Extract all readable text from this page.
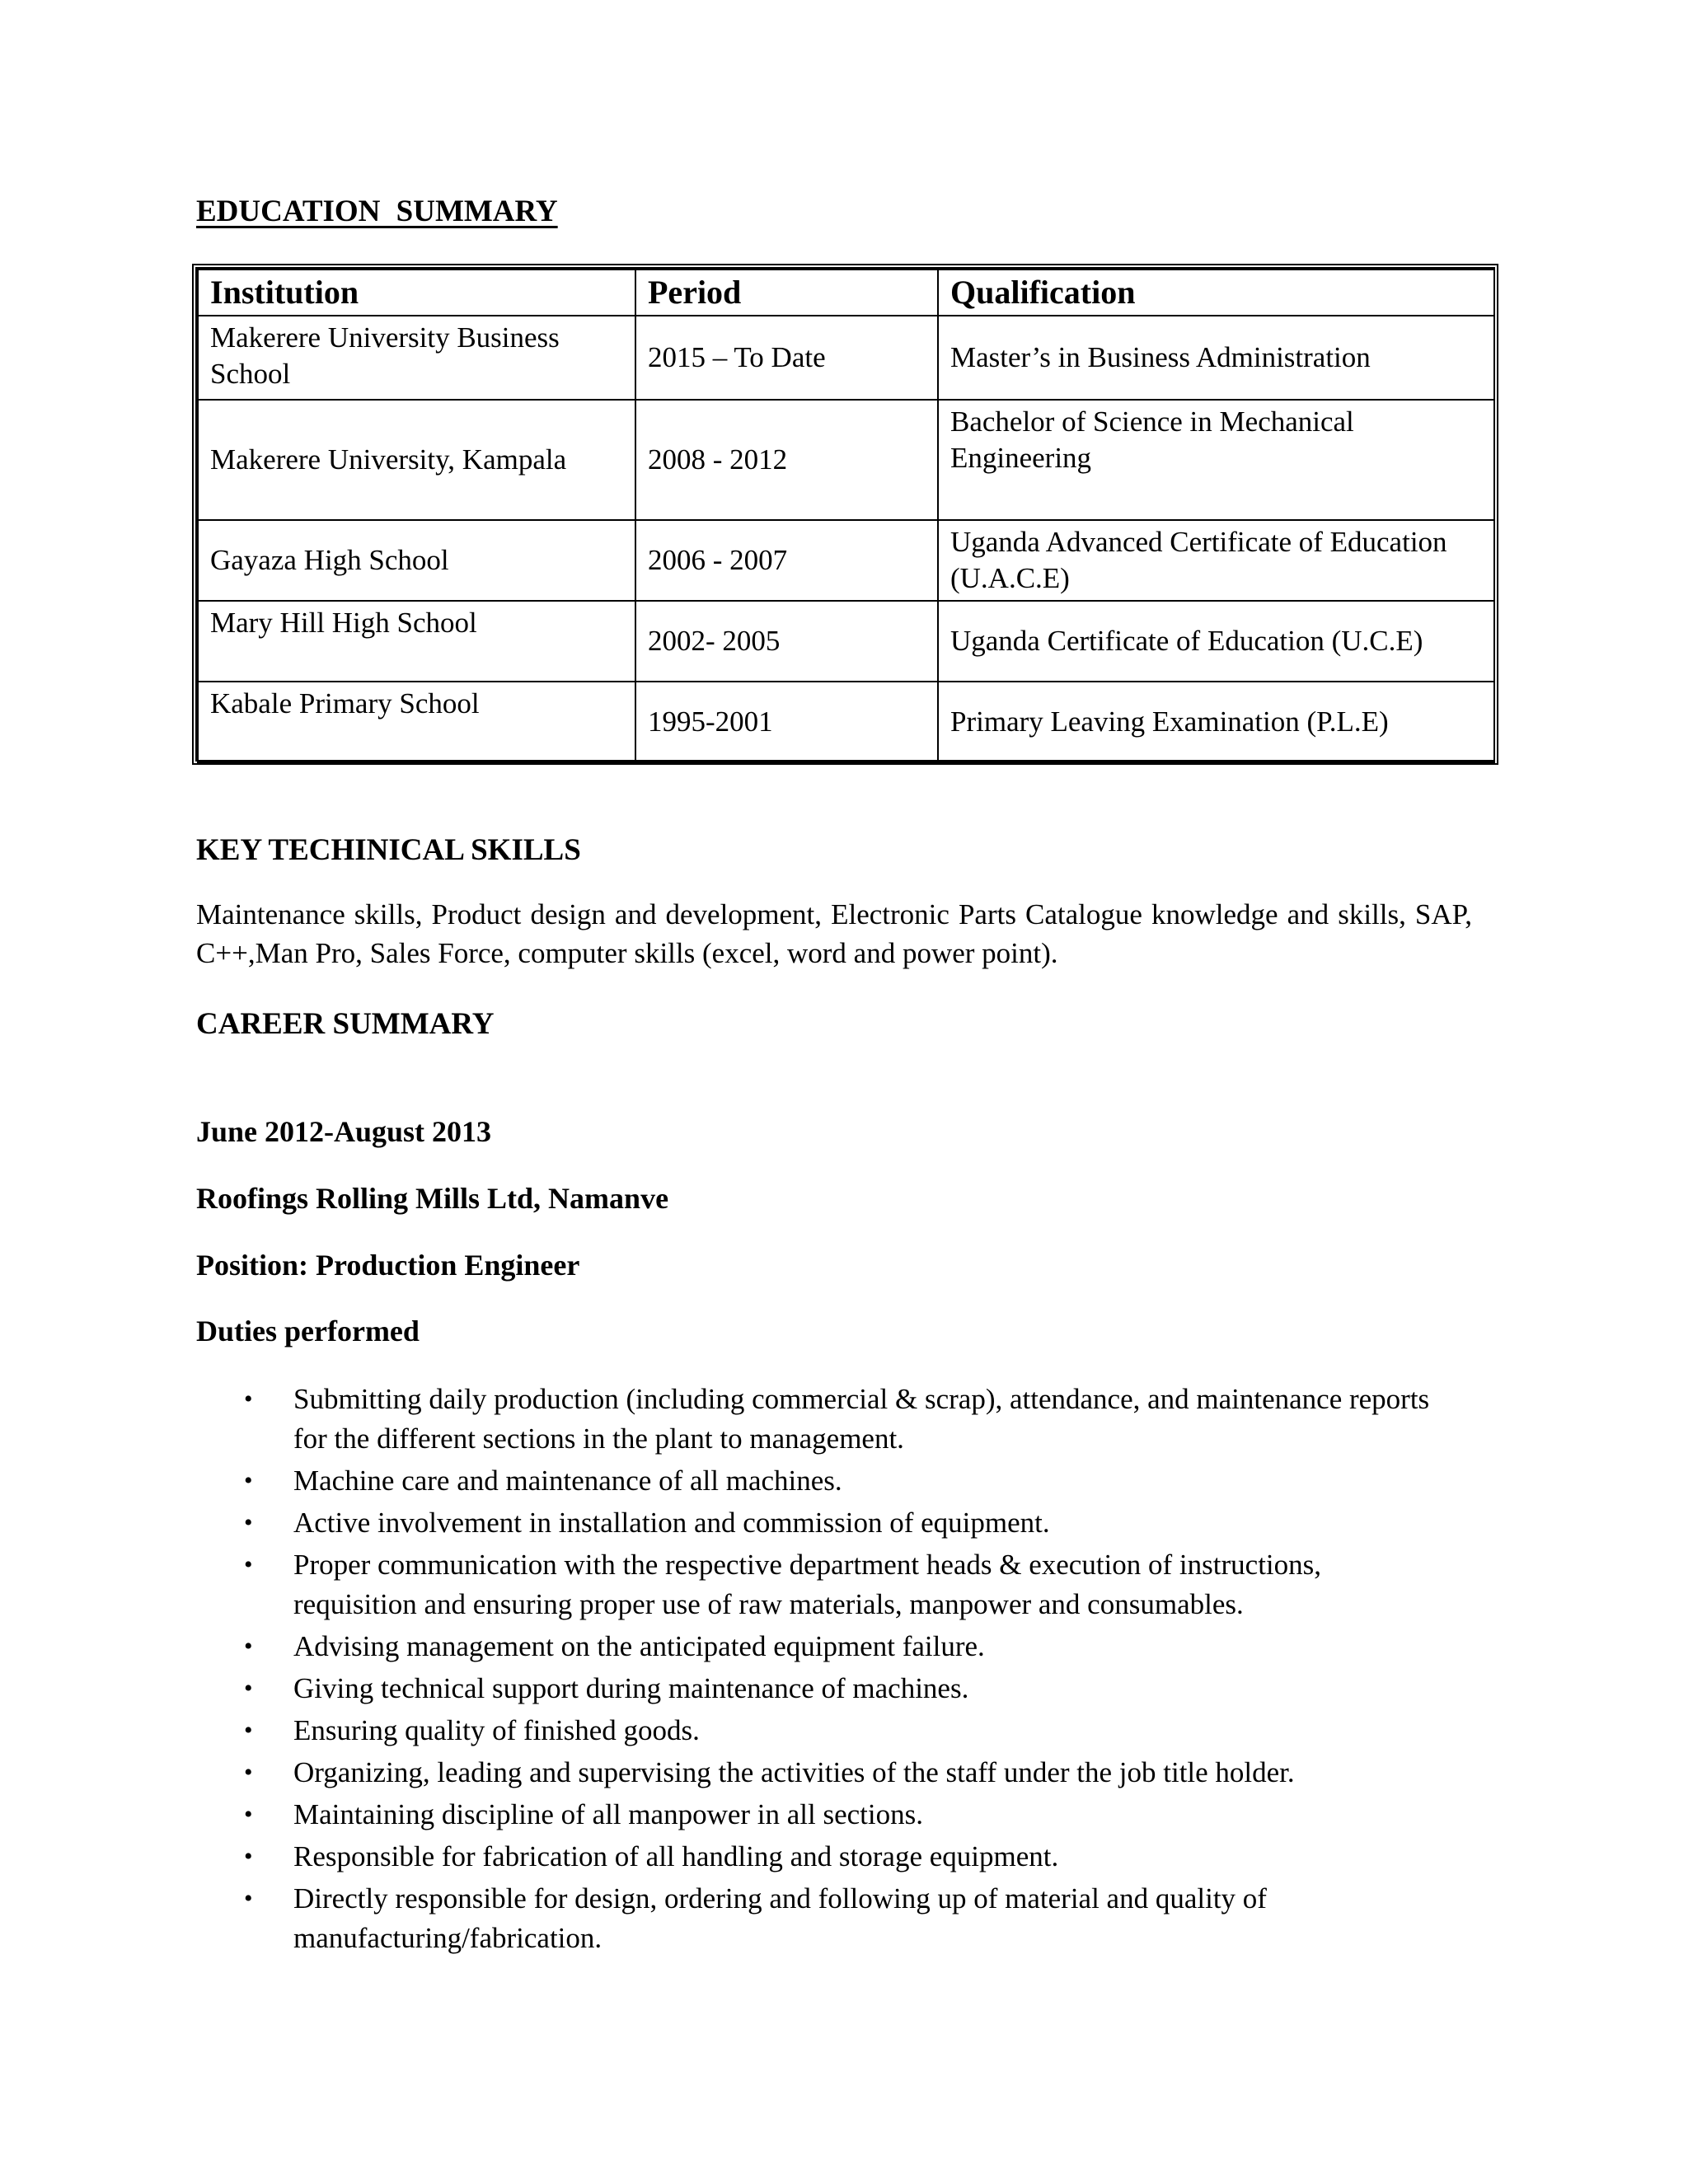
EDUCATION SUMMARY
Institution	Period	Qualification
Makerere University Business School	2015 – To Date	Master’s in Business Administration
Makerere University, Kampala	2008 - 2012	Bachelor of Science in Mechanical Engineering
Gayaza High School	2006 - 2007	Uganda Advanced Certificate of Education (U.A.C.E)
Mary Hill High School	2002- 2005	Uganda Certificate of Education (U.C.E)
Kabale Primary School	1995-2001	Primary Leaving Examination (P.L.E)
KEY TECHINICAL SKILLS
Maintenance skills, Product design and development, Electronic Parts Catalogue knowledge and skills, SAP, C++,Man Pro, Sales Force, computer skills (excel, word and power point).
CAREER SUMMARY
June 2012-August 2013
Roofings Rolling Mills Ltd, Namanve
Position: Production Engineer
Duties performed
• Submitting daily production (including commercial & scrap), attendance, and maintenance reports for the different sections in the plant to management.
• Machine care and maintenance of all machines.
• Active involvement in installation and commission of equipment.
• Proper communication with the respective department heads & execution of instructions, requisition and ensuring proper use of raw materials, manpower and consumables.
• Advising management on the anticipated equipment failure.
• Giving technical support during maintenance of machines.
• Ensuring quality of finished goods.
• Organizing, leading and supervising the activities of the staff under the job title holder.
• Maintaining discipline of all manpower in all sections.
• Responsible for fabrication of all handling and storage equipment.
• Directly responsible for design, ordering and following up of material and quality of manufacturing/fabrication.
